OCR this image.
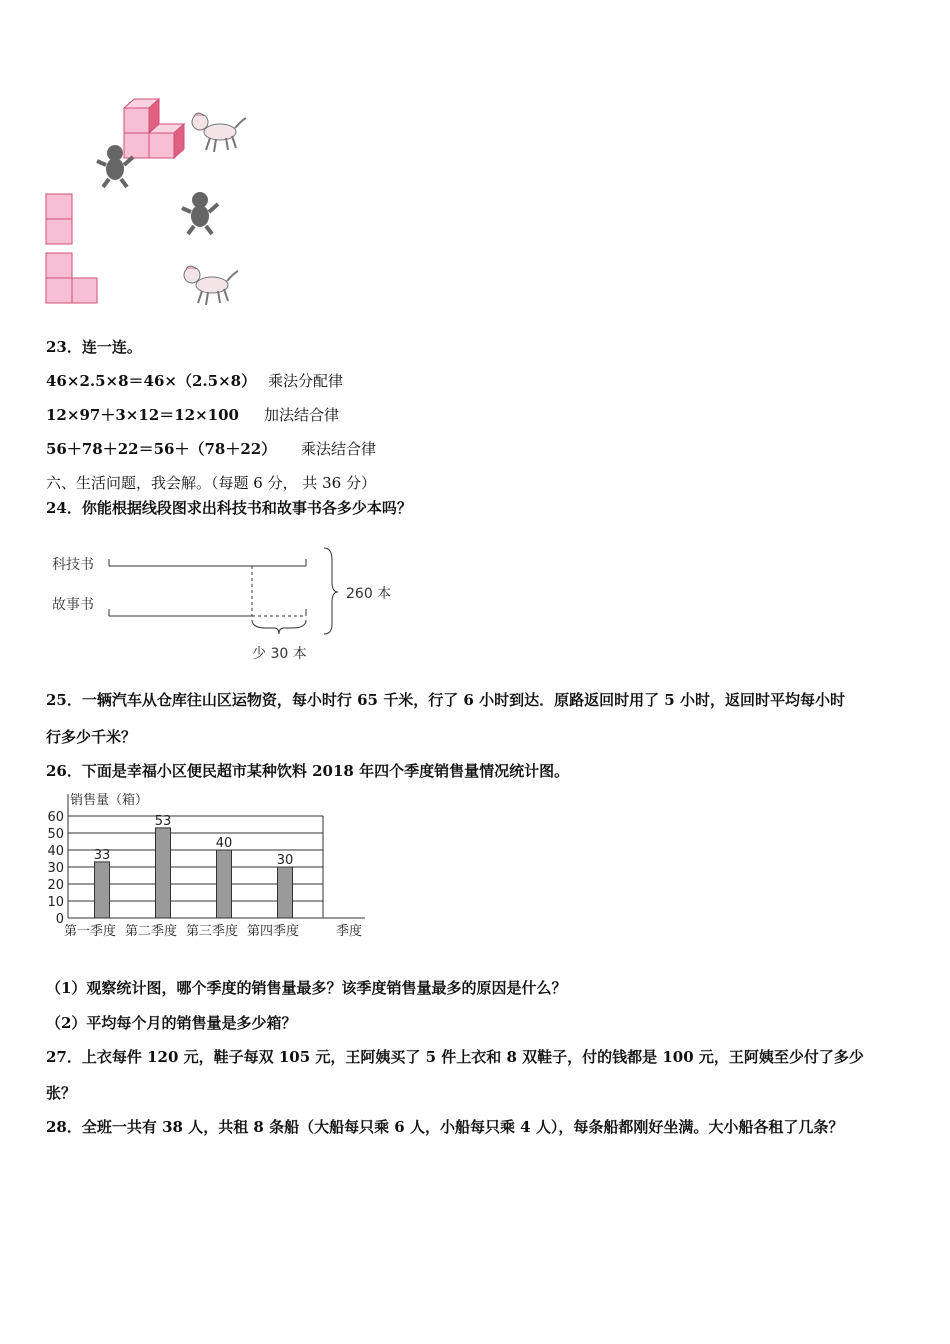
23．连一连。
46×2.5×8＝46×（2.5×8） 乘法分配律
12×97＋3×12＝12×100 加法结合律
56＋78＋22＝56＋（78＋22） 乘法结合律
六、生活问题，我会解。（每题 6 分， 共 36 分）
24．你能根据线段图求出科技书和故事书各多少本吗？
科技书
故事书
少 30 本
260 本
25．一辆汽车从仓库往山区运物资，每小时行 65 千米，行了 6 小时到达．原路返回时用了 5 小时，返回时平均每小时
行多少千米？
26．下面是幸福小区便民超市某种饮料 2018 年四个季度销售量情况统计图。
销售量（箱）
0
10
20
30
40
50
60
33
53
40
30
第一季度 第二季度 第三季度 第四季度	季度
（1）观察统计图，哪个季度的销售量最多？该季度销售量最多的原因是什么？
（2）平均每个月的销售量是多少箱？
27．上衣每件 120 元，鞋子每双 105 元，王阿姨买了 5 件上衣和 8 双鞋子，付的钱都是 100 元，王阿姨至少付了多少
张？
28．全班一共有 38 人，共租 8 条船（大船每只乘 6 人，小船每只乘 4 人），每条船都刚好坐满。大小船各租了几条？
